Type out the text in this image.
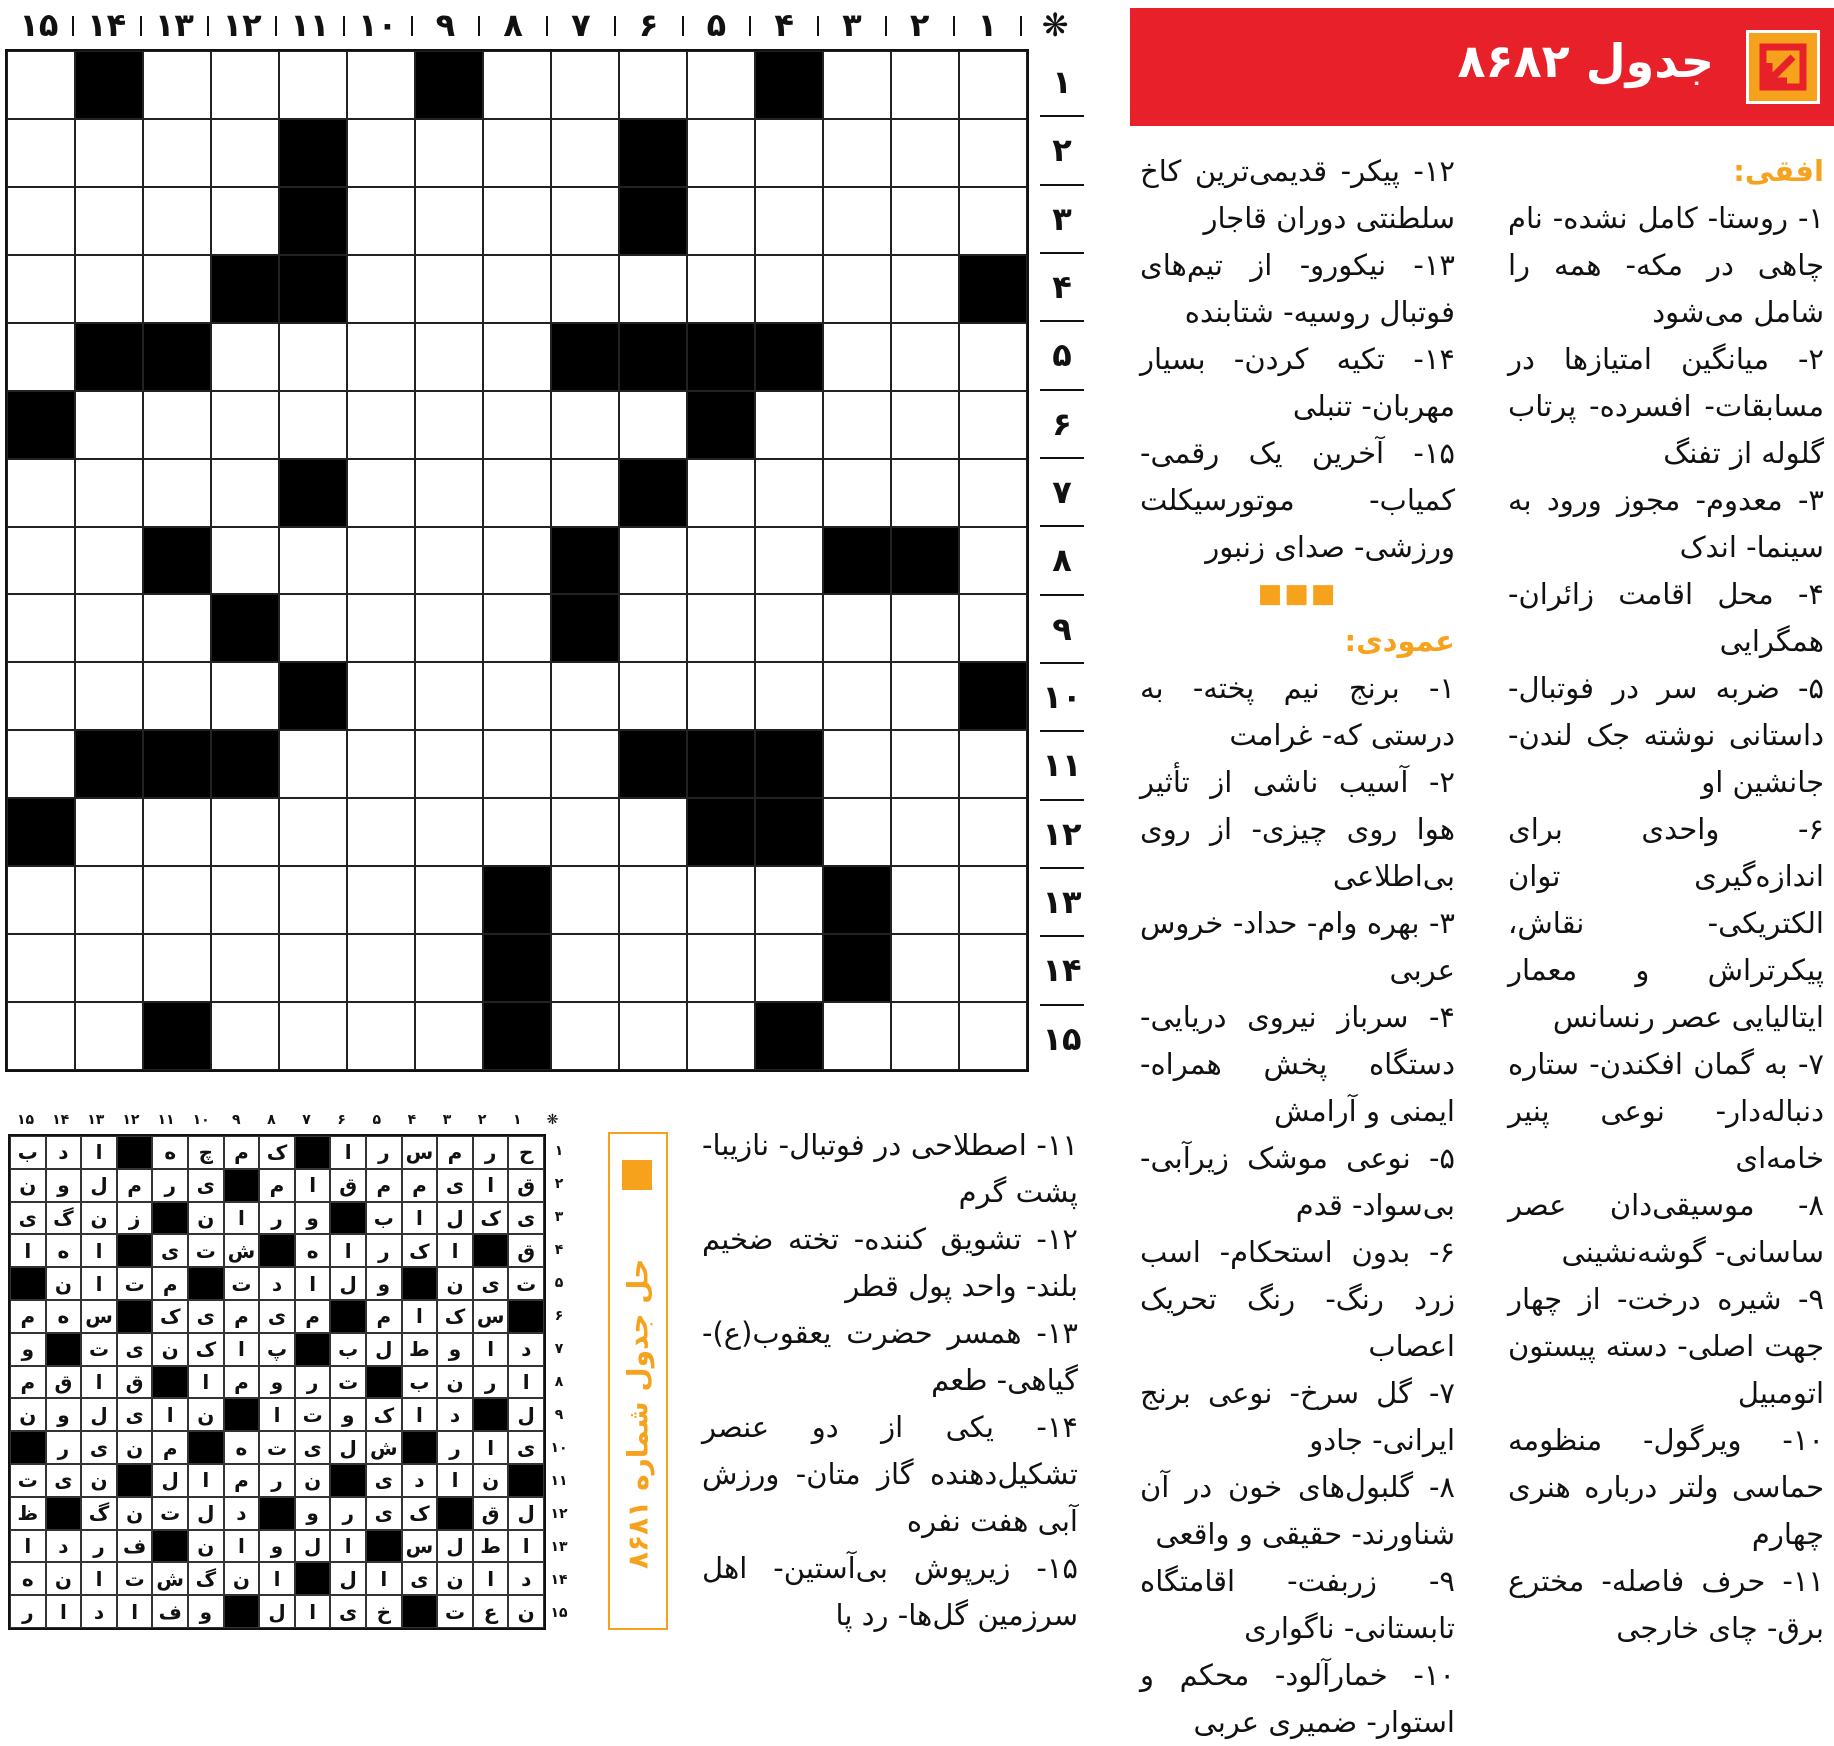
❋
۱
۲
۳
۴
۵
۶
۷
۸
۹
۱۰
۱۱
۱۲
۱۳
۱۴
۱۵
۱
۲
۳
۴
۵
۶
۷
۸
۹
۱۰
۱۱
۱۲
۱۳
۱۴
۱۵
جدول ۸۶۸۲

افقی:

۱- روستا- کامل نشده- نام چاهی در مکه- همه را شامل می‌شود

۲- میانگین امتیازها در مسابقات- افسرده- پرتاب گلوله از تفنگ

۳- معدوم- مجوز ورود به سینما- اندک

۴- محل اقامت زائران- همگرایی

۵- ضربه سر در فوتبال- داستانی نوشته جک لندن- جانشین او

۶- واحدی برای اندازه‌گیری توان الکتریکی- نقاش، پیکرتراش و معمار ایتالیایی عصر رنسانس

۷- به گمان افکندن- ستاره دنباله‌دار- نوعی پنیر خامه‌ای

۸- موسیقی‌دان عصر ساسانی- گوشه‌نشینی

۹- شیره درخت- از چهار جهت اصلی- دسته پیستون اتومبیل

۱۰- ویرگول- منظومه حماسی ولتر درباره هنری چهارم

۱۱- حرف فاصله- مخترع برق- چای خارجی

۱۲- پیکر- قدیمی‌ترین کاخ سلطنتی دوران قاجار

۱۳- نیکورو- از تیم‌های فوتبال روسیه- شتابنده

۱۴- تکیه کردن- بسیار مهربان- تنبلی

۱۵- آخرین یک رقمی- کمیاب- موتورسیکلت ورزشی- صدای زنبور

■■■

عمودی:

۱- برنج نیم پخته- به درستی که- غرامت

۲- آسیب ناشی از تأثیر هوا روی چیزی- از روی بی‌اطلاعی

۳- بهره وام- حداد- خروس عربی

۴- سرباز نیروی دریایی- دستگاه پخش همراه- ایمنی و آرامش

۵- نوعی موشک زیرآبی- بی‌سواد- قدم

۶- بدون استحکام- اسب زرد رنگ- رنگ تحریک اعصاب

۷- گل سرخ- نوعی برنج ایرانی- جادو

۸- گلبول‌های خون در آن شناورند- حقیقی و واقعی

۹- زربفت- اقامتگاه تابستانی- ناگواری

۱۰- خمارآلود- محکم و استوار- ضمیری عربی

۱۱- اصطلاحی در فوتبال- نازیبا- پشت گرم

۱۲- تشویق کننده- تخته ضخیم بلند- واحد پول قطر

۱۳- همسر حضرت یعقوب(ع)- گیاهی- طعم

۱۴- یکی از دو عنصر تشکیل‌دهنده گاز متان- ورزش آبی هفت نفره

۱۵- زیرپوش بی‌آستین- اهل سرزمین گل‌ها- رد پا

❋
۱
۲
۳
۴
۵
۶
۷
۸
۹
۱۰
۱۱
۱۲
۱۳
۱۴
۱۵
ح
ر
م
س
ر
ا
ک
م
چ
ه
ا
د
ب
ق
ا
ی
م
م
ق
ا
م
ی
ر
م
ل
و
ن
ی
ک
ل
ا
ب
و
ر
ا
ن
ز
ن
گ
ی
ق
ا
ک
ر
ا
ه
ش
ت
ی
ا
ه
ا
ت
ی
ن
و
ل
ا
د
ت
م
ت
ا
ن
س
ک
ا
م
م
ی
م
ی
ک
س
ه
م
د
ا
و
ط
ل
ب
پ
ا
ک
ن
ی
ت
و
ا
ر
ن
ب
ت
ر
و
م
ا
ق
ا
ق
م
ل
د
ا
ک
و
ت
ا
ن
ا
ی
ل
و
ن
ی
ا
ر
ش
ل
ی
ت
ه
م
ن
ی
ر
ن
ا
د
ی
ن
ر
م
ا
ل
ن
ی
ت
ل
ق
ک
ی
ر
و
د
ل
ت
ن
گ
ظ
ا
ط
ل
س
ا
ل
و
ا
ن
ف
ر
د
ا
د
ا
ن
ی
ا
ل
ا
ن
گ
ش
ت
ا
ن
ه
ن
ع
ت
خ
ی
ا
ل
و
ف
ا
د
ا
ر
۱
۲
۳
۴
۵
۶
۷
۸
۹
۱۰
۱۱
۱۲
۱۳
۱۴
۱۵
حل جدول شماره ۸۶۸۱
